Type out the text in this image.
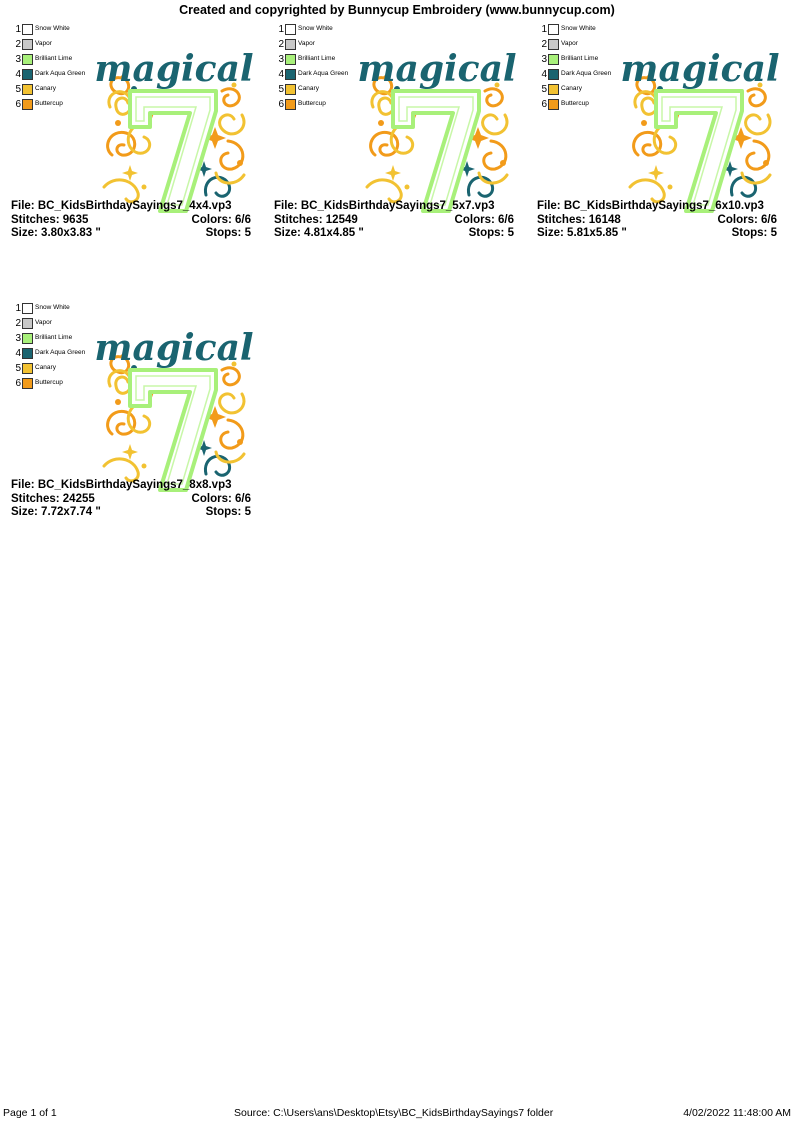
Created and copyrighted by Bunnycup Embroidery (www.bunnycup.com)
1 Snow White
2 Vapor
3 Brilliant Lime
4 Dark Aqua Green
5 Canary
6 Buttercup
magical
File: BC_KidsBirthdaySayings7_4x4.vp3
Stitches: 9635	Colors: 6/6
Size: 3.80x3.83 "	Stops: 5
1 Snow White
2 Vapor
3 Brilliant Lime
4 Dark Aqua Green
5 Canary
6 Buttercup
magical
File: BC_KidsBirthdaySayings7_5x7.vp3
Stitches: 12549	Colors: 6/6
Size: 4.81x4.85 "	Stops: 5
1 Snow White
2 Vapor
3 Brilliant Lime
4 Dark Aqua Green
5 Canary
6 Buttercup
magical
File: BC_KidsBirthdaySayings7_6x10.vp3
Stitches: 16148	Colors: 6/6
Size: 5.81x5.85 "	Stops: 5
1 Snow White
2 Vapor
3 Brilliant Lime
4 Dark Aqua Green
5 Canary
6 Buttercup
magical
File: BC_KidsBirthdaySayings7_8x8.vp3
Stitches: 24255	Colors: 6/6
Size: 7.72x7.74 "	Stops: 5
Page 1 of 1	Source: C:\Users\ans\Desktop\Etsy\BC_KidsBirthdaySayings7 folder	4/02/2022 11:48:00 AM
